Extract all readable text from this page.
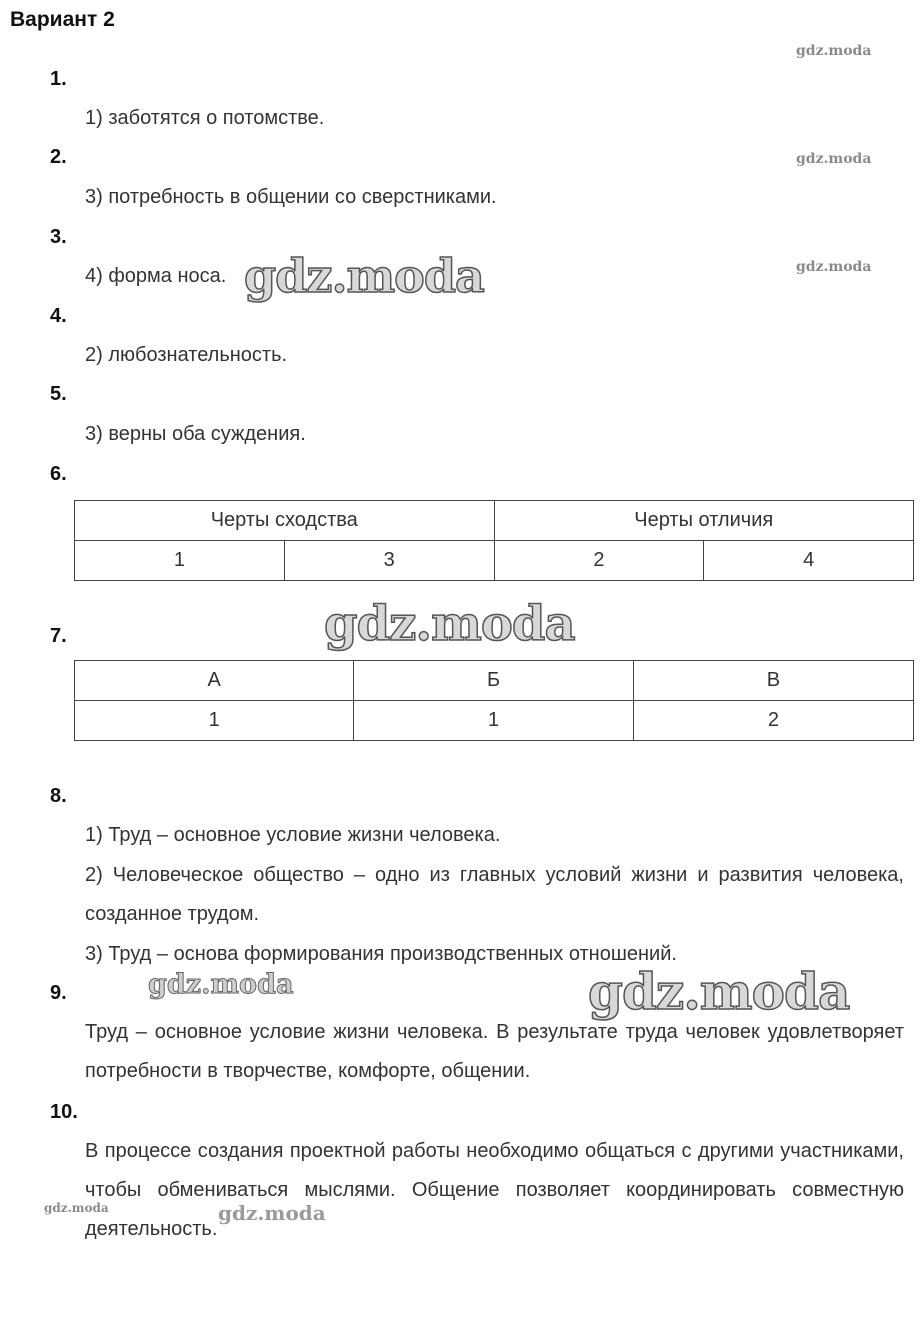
Вариант 2
1.
1) заботятся о потомстве.
2.
3) потребность в общении со сверстниками.
3.
4) форма носа.
4.
2) любознательность.
5.
3) верны оба суждения.
6.
Черты сходства		Черты отличия	
1	3	2	4
7.
А	Б	В
1	1	2
8.
1) Труд – основное условие жизни человека.
2) Человеческое общество – одно из главных условий жизни и развития человека, созданное трудом.
3) Труд – основа формирования производственных отношений.
9.
Труд – основное условие жизни человека. В результате труда человек удовлетворяет потребности в творчестве, комфорте, общении.
10.
В процессе создания проектной работы необходимо общаться с другими участниками, чтобы обмениваться мыслями. Общение позволяет координировать совместную деятельность.
gdz.moda
gdz.moda
gdz.moda
gdz.moda
gdz.moda
gdz.moda	gdz.moda
gdz.moda	gdz.moda
